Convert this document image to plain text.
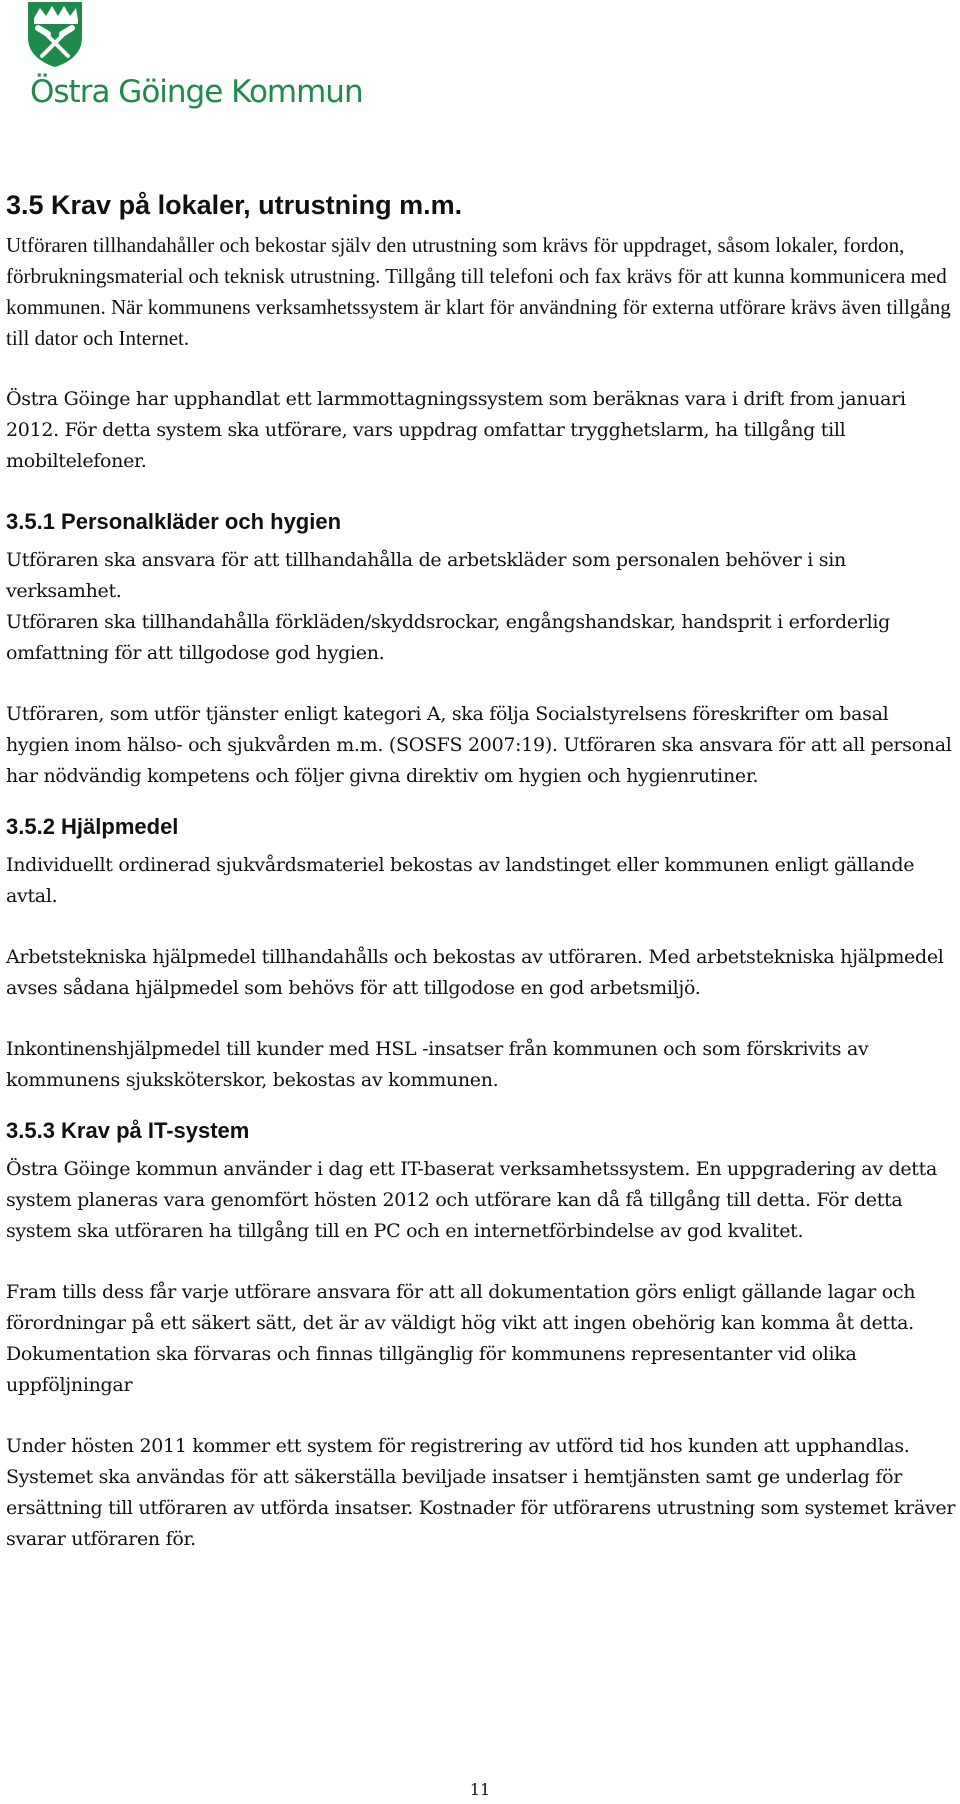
Östra Göinge Kommun
3.5 Krav på lokaler, utrustning m.m.

Utföraren tillhandahåller och bekostar själv den utrustning som krävs för uppdraget, såsom lokaler, fordon, förbrukningsmaterial och teknisk utrustning. Tillgång till telefoni och fax krävs för att kunna kommunicera med kommunen. När kommunens verksamhetssystem är klart för användning för externa utförare krävs även tillgång till dator och Internet.

Östra Göinge har upphandlat ett larmmottagningssystem som beräknas vara i drift from januari 2012. För detta system ska utförare, vars uppdrag omfattar trygghetslarm, ha tillgång till mobiltelefoner.

3.5.1 Personalkläder och hygien

Utföraren ska ansvara för att tillhandahålla de arbetskläder som personalen behöver i sin verksamhet.

Utföraren ska tillhandahålla förkläden/skyddsrockar, engångshandskar, handsprit i erforderlig omfattning för att tillgodose god hygien.

Utföraren, som utför tjänster enligt kategori A, ska följa Socialstyrelsens föreskrifter om basal hygien inom hälso- och sjukvården m.m. (SOSFS 2007:19). Utföraren ska ansvara för att all personal har nödvändig kompetens och följer givna direktiv om hygien och hygienrutiner.

3.5.2 Hjälpmedel

Individuellt ordinerad sjukvårdsmateriel bekostas av landstinget eller kommunen enligt gällande avtal.

Arbetstekniska hjälpmedel tillhandahålls och bekostas av utföraren. Med arbetstekniska hjälpmedel avses sådana hjälpmedel som behövs för att tillgodose en god arbetsmiljö.

Inkontinenshjälpmedel till kunder med HSL -insatser från kommunen och som förskrivits av kommunens sjuksköterskor, bekostas av kommunen.

3.5.3 Krav på IT-system

Östra Göinge kommun använder i dag ett IT-baserat verksamhetssystem. En uppgradering av detta system planeras vara genomfört hösten 2012 och utförare kan då få tillgång till detta. För detta system ska utföraren ha tillgång till en PC och en internetförbindelse av god kvalitet.

Fram tills dess får varje utförare ansvara för att all dokumentation görs enligt gällande lagar och förordningar på ett säkert sätt, det är av väldigt hög vikt att ingen obehörig kan komma åt detta. Dokumentation ska förvaras och finnas tillgänglig för kommunens representanter vid olika uppföljningar

Under hösten 2011 kommer ett system för registrering av utförd tid hos kunden att upphandlas. Systemet ska användas för att säkerställa beviljade insatser i hemtjänsten samt ge underlag för ersättning till utföraren av utförda insatser. Kostnader för utförarens utrustning som systemet kräver svarar utföraren för.

11
